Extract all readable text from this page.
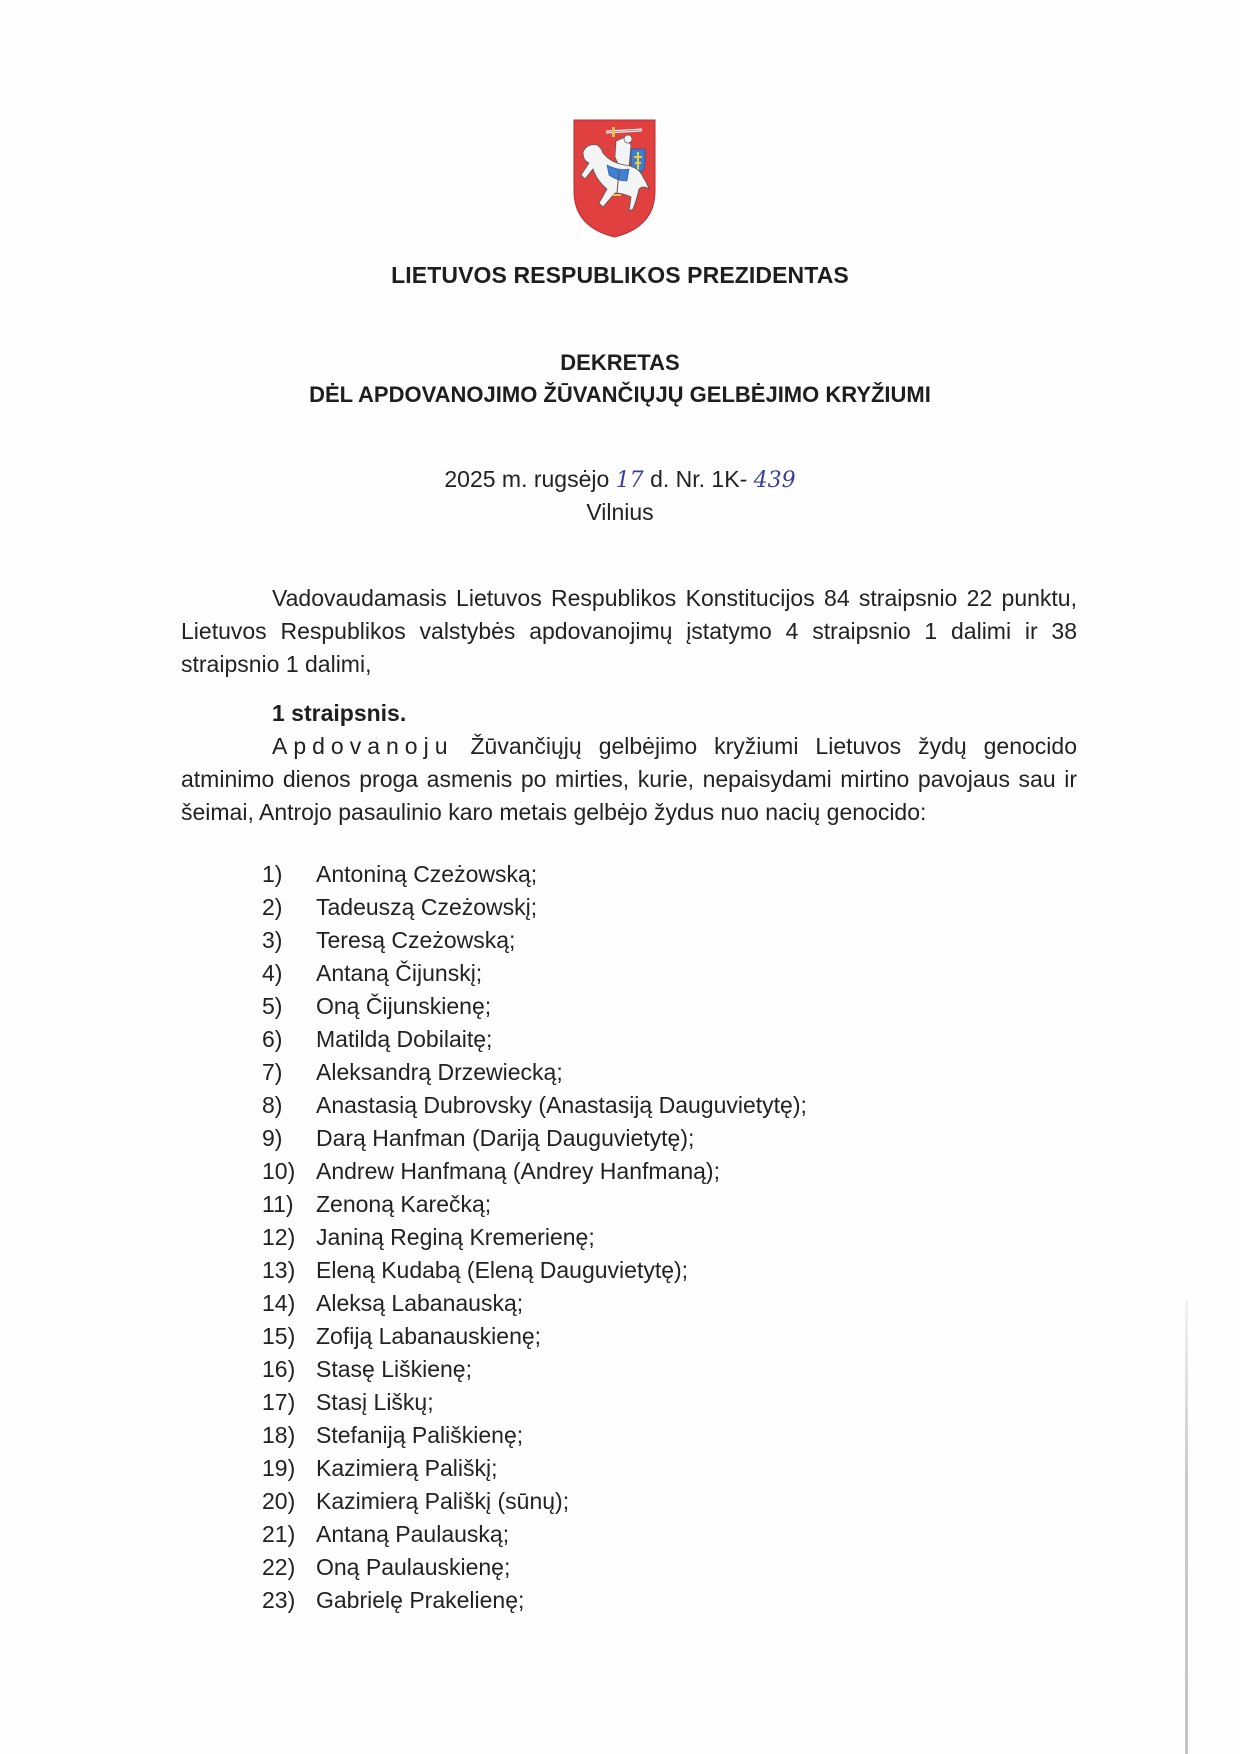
LIETUVOS RESPUBLIKOS PREZIDENTAS
DEKRETAS
DĖL APDOVANOJIMO ŽŪVANČIŲJŲ GELBĖJIMO KRYŽIUMI
2025 m. rugsėjo 17 d. Nr. 1K- 439
Vilnius
Vadovaudamasis Lietuvos Respublikos Konstitucijos 84 straipsnio 22 punktu, Lietuvos Respublikos valstybės apdovanojimų įstatymo 4 straipsnio 1 dalimi ir 38 straipsnio 1 dalimi,
1 straipsnis.
Apdovanoju Žūvančiųjų gelbėjimo kryžiumi Lietuvos žydų genocido atminimo dienos proga asmenis po mirties, kurie, nepaisydami mirtino pavojaus sau ir šeimai, Antrojo pasaulinio karo metais gelbėjo žydus nuo nacių genocido:
1)	Antoniną Czeżowską;
2)	Tadeuszą Czeżowskį;
3)	Teresą Czeżowską;
4)	Antaną Čijunskį;
5)	Oną Čijunskienę;
6)	Matildą Dobilaitę;
7)	Aleksandrą Drzewiecką;
8)	Anastasią Dubrovsky (Anastasiją Dauguvietytę);
9)	Darą Hanfman (Dariją Dauguvietytę);
10) Andrew Hanfmaną (Andrey Hanfmaną);
11) Zenoną Karečką;
12) Janiną Reginą Kremerienę;
13) Eleną Kudabą (Eleną Dauguvietytę);
14) Aleksą Labanauską;
15) Zofiją Labanauskienę;
16) Stasę Liškienę;
17) Stasį Liškų;
18) Stefaniją Pališkienę;
19) Kazimierą Pališkį;
20) Kazimierą Pališkį (sūnų);
21) Antaną Paulauską;
22) Oną Paulauskienę;
23) Gabrielę Prakelienę;
